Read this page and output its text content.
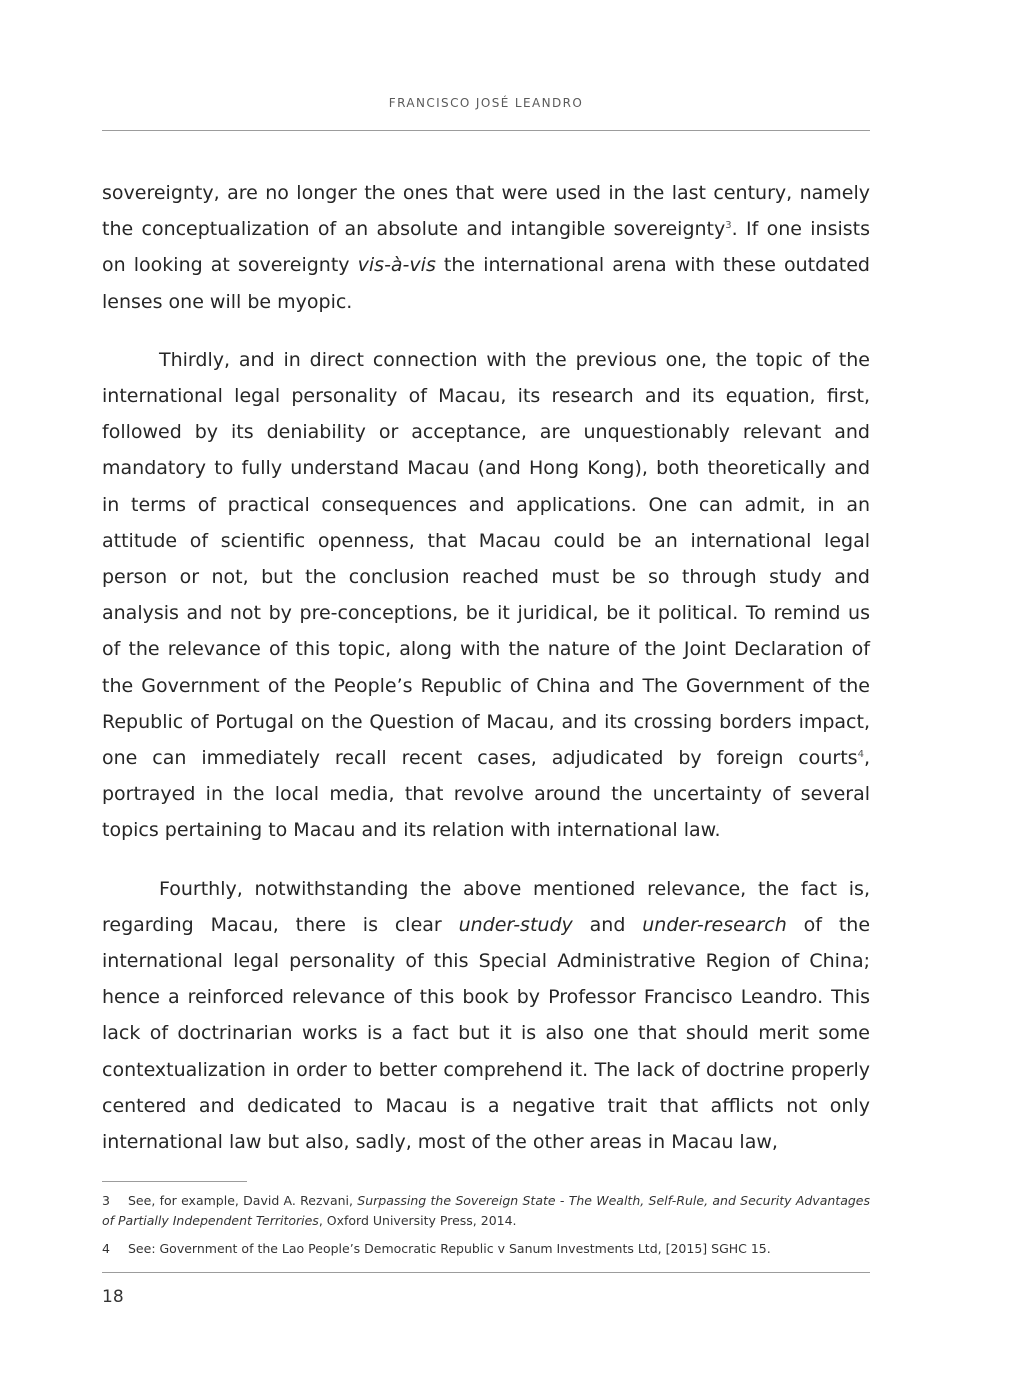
FRANCISCO JOSÉ LEANDRO

sovereignty, are no longer the ones that were used in the last century, namely the conceptualization of an absolute and intangible sovereignty$^3$. If one insists on looking at sovereignty vis-à-vis the international arena with these outdated lenses one will be myopic.

Thirdly, and in direct connection with the previous one, the topic of the international legal personality of Macau, its research and its equation, first, followed by its deniability or acceptance, are unquestionably relevant and mandatory to fully understand Macau (and Hong Kong), both theoretically and in terms of practical consequences and applications. One can admit, in an attitude of scientific openness, that Macau could be an international legal person or not, but the conclusion reached must be so through study and analysis and not by pre-conceptions, be it juridical, be it political. To remind us of the relevance of this topic, along with the nature of the Joint Declaration of the Government of the People’s Republic of China and The Government of the Republic of Portugal on the Question of Macau, and its crossing borders impact, one can immediately recall recent cases, adjudicated by foreign courts$^4$, portrayed in the local media, that revolve around the uncertainty of several topics pertaining to Macau and its relation with international law.

Fourthly, notwithstanding the above mentioned relevance, the fact is, regarding Macau, there is clear under-study and under-research of the international legal personality of this Special Administrative Region of China; hence a reinforced relevance of this book by Professor Francisco Leandro. This lack of doctrinarian works is a fact but it is also one that should merit some contextualization in order to better comprehend it. The lack of doctrine properly centered and dedicated to Macau is a negative trait that afflicts not only international law but also, sadly, most of the other areas in Macau law,

3 See, for example, David A. Rezvani, Surpassing the Sovereign State - The Wealth, Self-Rule, and Security Advantages of Partially Independent Territories, Oxford University Press, 2014.

4 See: Government of the Lao People’s Democratic Republic v Sanum Investments Ltd, [2015] SGHC 15.

18
